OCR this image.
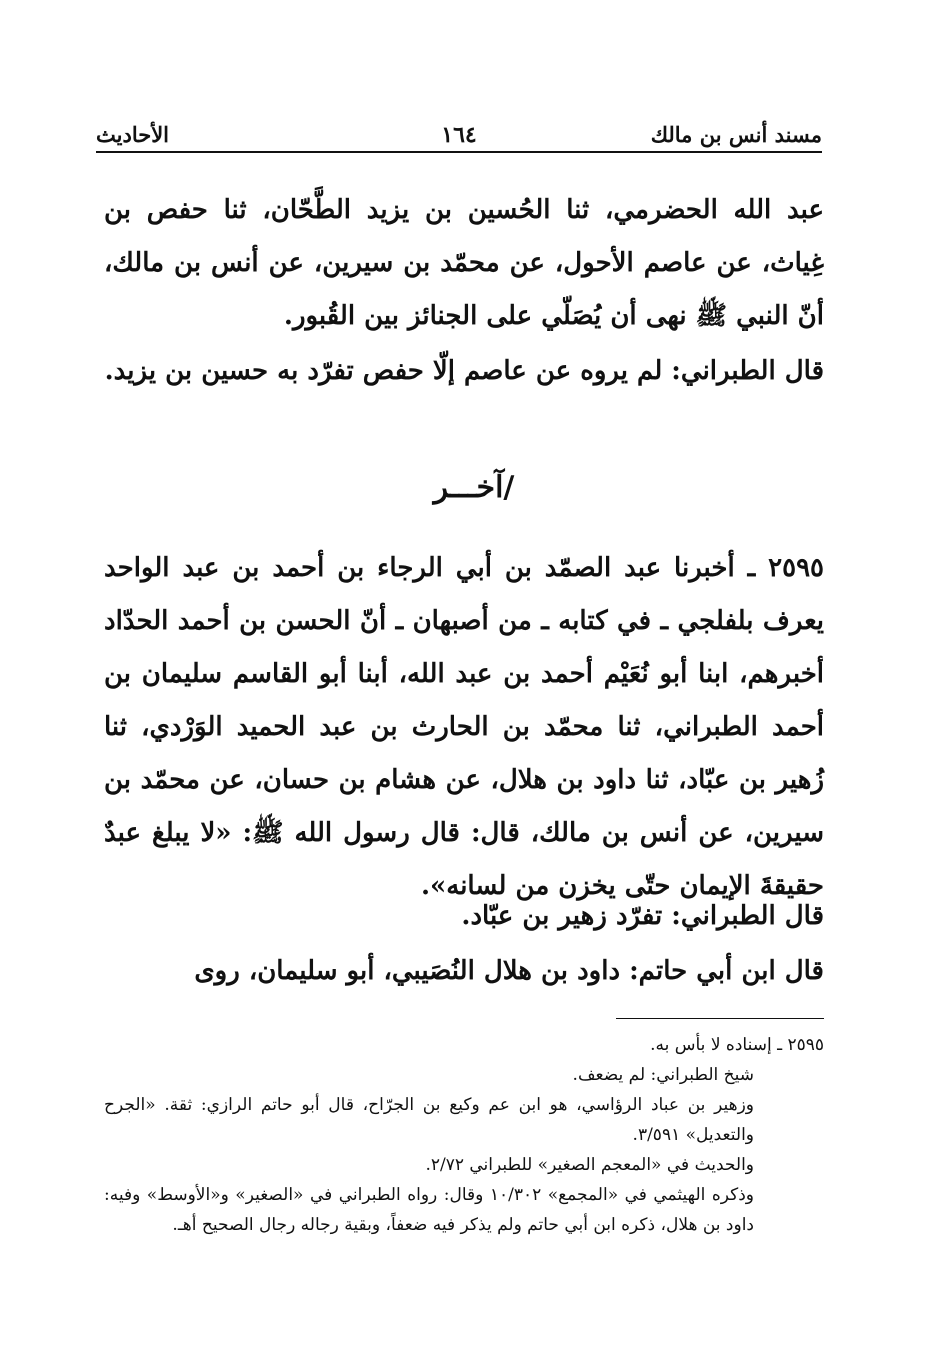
مسند أنس بن مالك
١٦٤
الأحاديث
عبد الله الحضرمي، ثنا الحُسين بن يزيد الطَّحّان، ثنا حفص بن غِياث، عن عاصم الأحول، عن محمّد بن سيرين، عن أنس بن مالك، أنّ النبي ﷺ نهى أن يُصَلّي على الجنائز بين القُبور.
قال الطبراني: لم يروه عن عاصم إلّا حفص تفرّد به حسين بن يزيد.
/آخـــر
٢٥٩٥ ـ أخبرنا عبد الصمّد بن أبي الرجاء بن أحمد بن عبد الواحد يعرف بلفلجي ـ في كتابه ـ من أصبهان ـ أنّ الحسن بن أحمد الحدّاد أخبرهم، ابنا أبو نُعَيْم أحمد بن عبد الله، أبنا أبو القاسم سليمان بن أحمد الطبراني، ثنا محمّد بن الحارث بن عبد الحميد الوَرْدي، ثنا زُهير بن عبّاد، ثنا داود بن هلال، عن هشام بن حسان، عن محمّد بن سيرين، عن أنس بن مالك، قال: قال رسول الله ﷺ: «لا يبلغ عبدٌ حقيقةَ الإيمان حتّى يخزن من لسانه».
قال الطبراني: تفرّد زهير بن عبّاد.
قال ابن أبي حاتم: داود بن هلال النُصَيبي، أبو سليمان، روى

٢٥٩٥ ـ إسناده لا بأس به.

شيخ الطبراني: لم يضعف.

وزهير بن عباد الرؤاسي، هو ابن عم وكيع بن الجرّاح، قال أبو حاتم الرازي: ثقة. «الجرح والتعديل» ٣/٥٩١.

والحديث في «المعجم الصغير» للطبراني ٢/٧٢.

وذكره الهيثمي في «المجمع» ١٠/٣٠٢ وقال: رواه الطبراني في «الصغير» و«الأوسط» وفيه: داود بن هلال، ذكره ابن أبي حاتم ولم يذكر فيه ضعفاً، وبقية رجاله رجال الصحيح أهـ.
